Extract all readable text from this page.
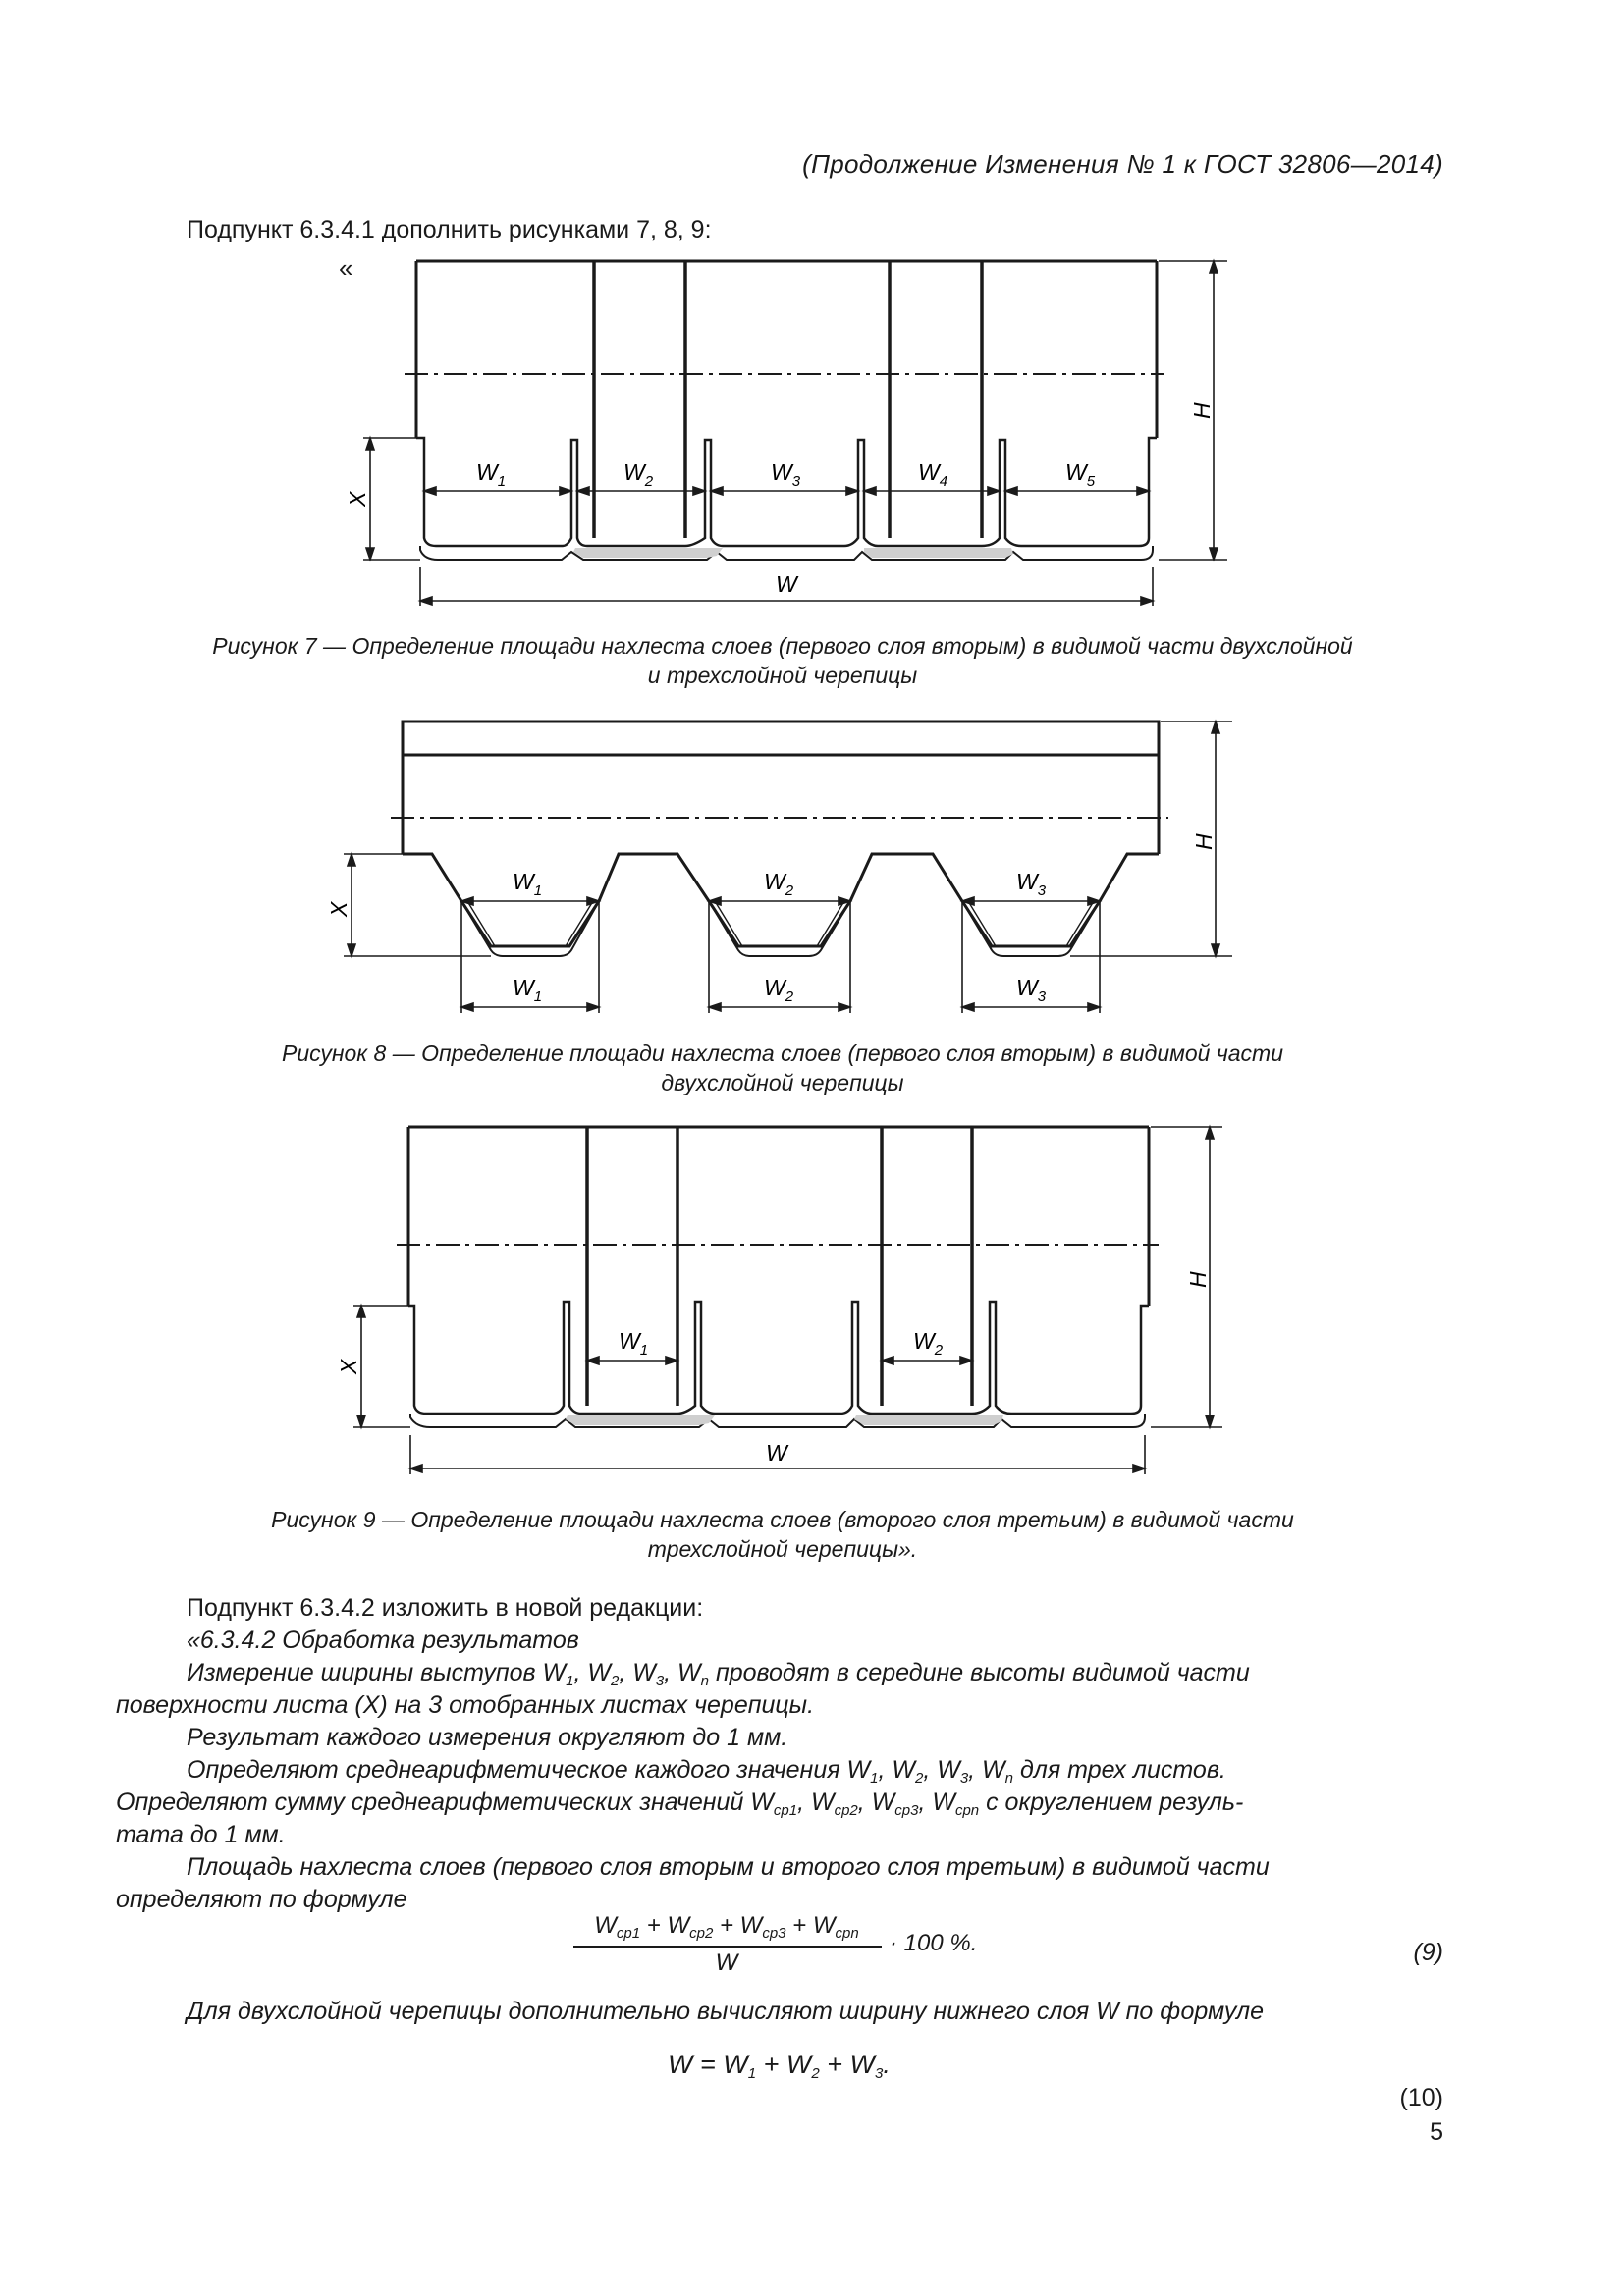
(Продолжение Изменения № 1 к ГОСТ 32806—2014)
Подпункт 6.3.4.1 дополнить рисунками 7, 8, 9:
«
$W_1$	$W_2$	$W_3$	$W_4$	$W_5$
W
X
H
Рисунок 7 — Определение площади нахлеста слоев (первого слоя вторым) в видимой части двухслойной
и трехслойной черепицы
$W_1$	$W_2$	$W_3$
$W_1$	$W_2$	$W_3$
X
H
Рисунок 8 — Определение площади нахлеста слоев (первого слоя вторым) в видимой части
двухслойной черепицы
$W_1$	$W_2$
W
X
H
Рисунок 9 — Определение площади нахлеста слоев (второго слоя третьим) в видимой части
трехслойной черепицы».
Подпункт 6.3.4.2 изложить в новой редакции:
«6.3.4.2 Обработка результатов
Измерение ширины выступов $W_1$, $W_2$, $W_3$, $W_n$ проводят в середине высоты видимой части
поверхности листа (X) на 3 отобранных листах черепицы.
Результат каждого измерения округляют до 1 мм.
Определяют среднеарифметическое каждого значения $W_1$, $W_2$, $W_3$, $W_n$ для трех листов.
Определяют сумму среднеарифметических значений $W_{ср1}$, $W_{ср2}$, $W_{ср3}$, $W_{срn}$ с округлением резуль-
тата до 1 мм.
Площадь нахлеста слоев (первого слоя вторым и второго слоя третьим) в видимой части
определяют по формуле
$W_{ср1} + W_{ср2} + W_{ср3} + W_{срn}$
W
· 100 %.	(9)
Для двухслойной черепицы дополнительно вычисляют ширину нижнего слоя W по формуле
$W = W_1 + W_2 + W_3$.
(10)
5
